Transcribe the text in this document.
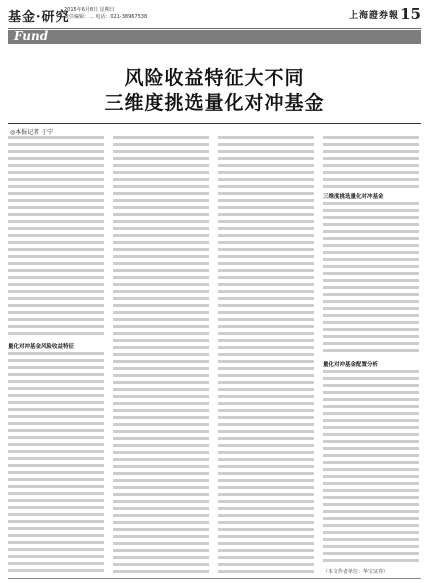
基金·研究
2015年6月8日 星期日
责任编辑：... 电话：021-38967538	上海證券報 15
Fund
风险收益特征大不同
三维度挑选量化对冲基金
◎本报记者 于宁
量化对冲基金风险收益特征
三维度挑选量化对冲基金
量化对冲基金配置分析
（本文作者单位：华宝证券）
